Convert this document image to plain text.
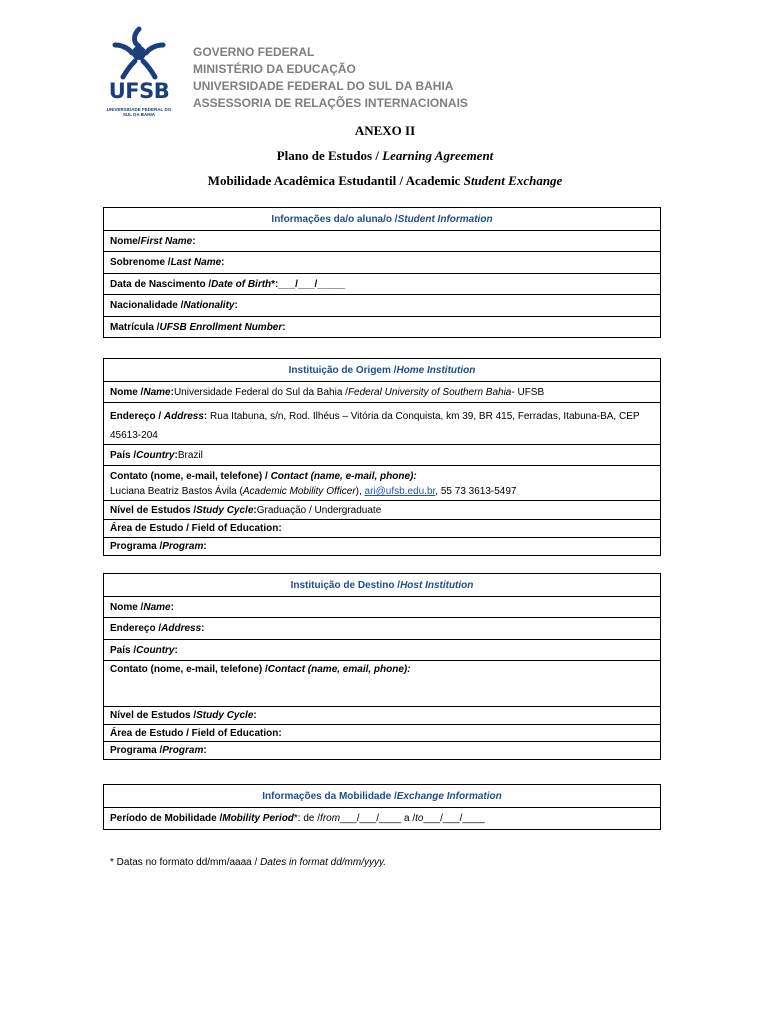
UFSB
UNIVERSIDADE FEDERAL DO SUL DA BAHIA
GOVERNO FEDERAL
MINISTÉRIO DA EDUCAÇÃO
UNIVERSIDADE FEDERAL DO SUL DA BAHIA
ASSESSORIA DE RELAÇÕES INTERNACIONAIS
ANEXO II
Plano de Estudos / Learning Agreement
Mobilidade Acadêmica Estudantil / Academic Student Exchange
Informações da/o aluna/o / Student Information
Nome/ First Name :
Sobrenome / Last Name :
Data de Nascimento / Date of Birth *:___/___/_____
Nacionalidade / Nationality :
Matrícula / UFSB Enrollment Number :
Instituição de Origem / Home Institution
Nome / Name : Universidade Federal do Sul da Bahia / Federal University of Southern Bahia - UFSB
Endereço / Address: Rua Itabuna, s/n, Rod. Ilhéus – Vitória da Conquista, km 39, BR 415, Ferradas, Itabuna-BA, CEP
45613-204
País / Country : Brazil
Contato (nome, e-mail, telefone) / Contact (name, e-mail, phone):
Luciana Beatriz Bastos Ávila (Academic Mobility Officer), ari@ufsb.edu.br, 55 73 3613-5497
Nível de Estudos / Study Cycle : Graduação / Undergraduate
Área de Estudo / Field of Education:
Programa / Program :
Instituição de Destino / Host Institution
Nome / Name :
Endereço / Address :
País / Country :
Contato (nome, e-mail, telefone) / Contact (name, email, phone):
Nível de Estudos / Study Cycle :
Área de Estudo / Field of Education:
Programa / Program :
Informações da Mobilidade / Exchange Information
Período de Mobilidade / Mobility Period *: de / from ___/___/____ a / to ___/___/____
* Datas no formato dd/mm/aaaa / Dates in format dd/mm/yyyy.
